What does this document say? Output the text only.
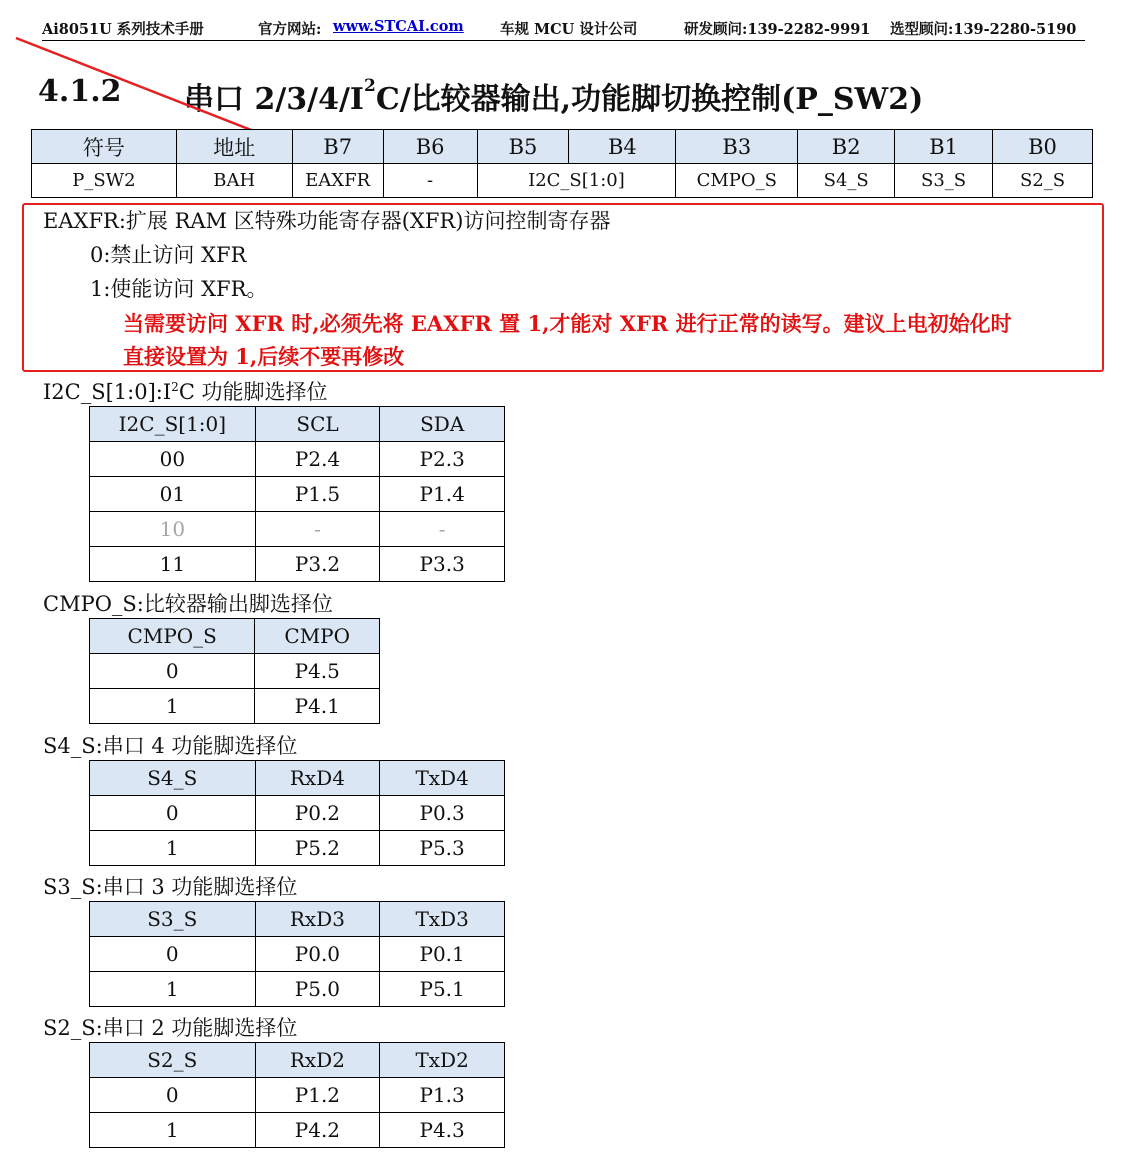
Ai8051U 系列技术手册	官方网站: www.STCAI.com 车规 MCU 设计公司	研发顾问:139-2282-9991 选型顾问:139-2280-5190
4.1.2 串口 $2/3/4/I^2C/$比较器输出,功能脚切换控制(P_SW2)
符号	地址	B7	B6	B5	B4	B3	B2	B1	B0
P_SW2	BAH	EAXFR	-	I2C_S[1:0]		CMPO_S	S4_S	S3_S	S2_S
EAXFR:扩展 RAM 区特殊功能寄存器(XFR)访问控制寄存器
0:禁止访问 XFR
1:使能访问 XFR。
当需要访问 XFR 时,必须先将 EAXFR 置 1,才能对 XFR 进行正常的读写。建议上电初始化时
直接设置为 1,后续不要再修改
$I2C\_S[1:0]:I^2C$ 功能脚选择位
I2C_S[1:0]	SCL	SDA
00	P2.4	P2.3
01	P1.5	P1.4
10	-	-
11	P3.2	P3.3
CMPO_S:比较器输出脚选择位
CMPO_S	CMPO
0	P4.5
1	P4.1
S4_S:串口 4 功能脚选择位
S4_S	RxD4	TxD4
0	P0.2	P0.3
1	P5.2	P5.3
S3_S:串口 3 功能脚选择位
S3_S	RxD3	TxD3
0	P0.0	P0.1
1	P5.0	P5.1
S2_S:串口 2 功能脚选择位
S2_S	RxD2	TxD2
0	P1.2	P1.3
1	P4.2	P4.3
